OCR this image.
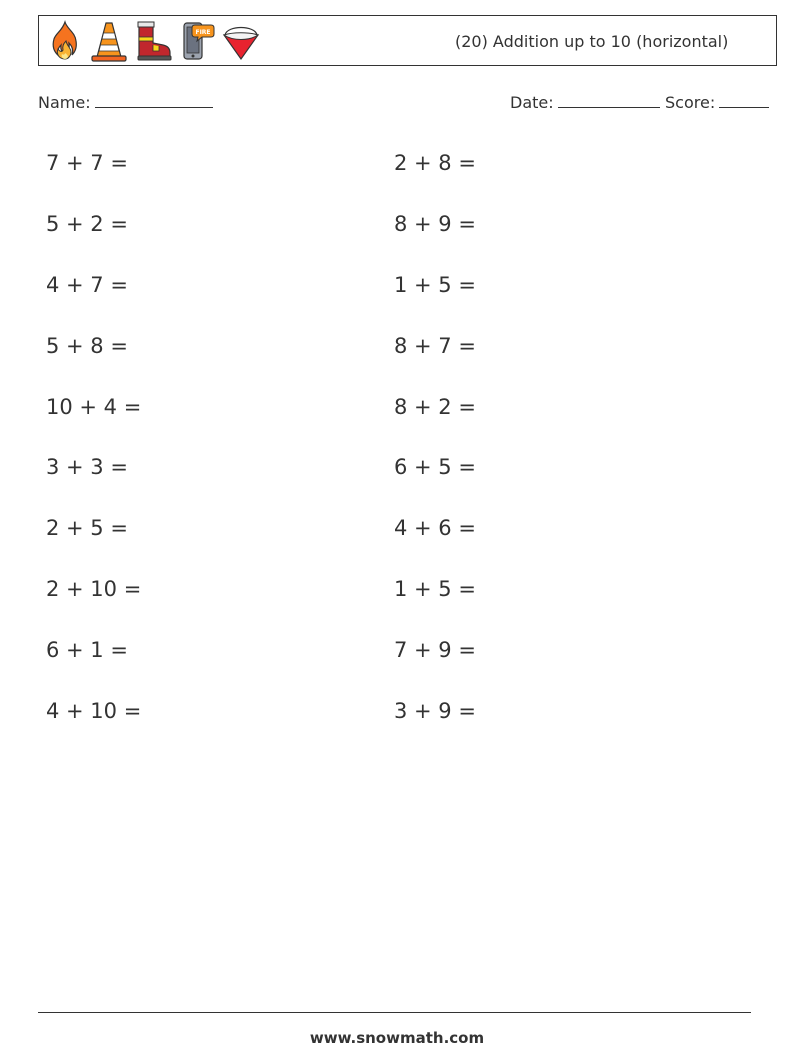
FIRE	(20) Addition up to 10 (horizontal)
Name:	Date:	Score:
7 + 7 =
5 + 2 =
4 + 7 =
5 + 8 =
10 + 4 =
3 + 3 =
2 + 5 =
2 + 10 =
6 + 1 =
4 + 10 =
2 + 8 =
8 + 9 =
1 + 5 =
8 + 7 =
8 + 2 =
6 + 5 =
4 + 6 =
1 + 5 =
7 + 9 =
3 + 9 =
www.snowmath.com
